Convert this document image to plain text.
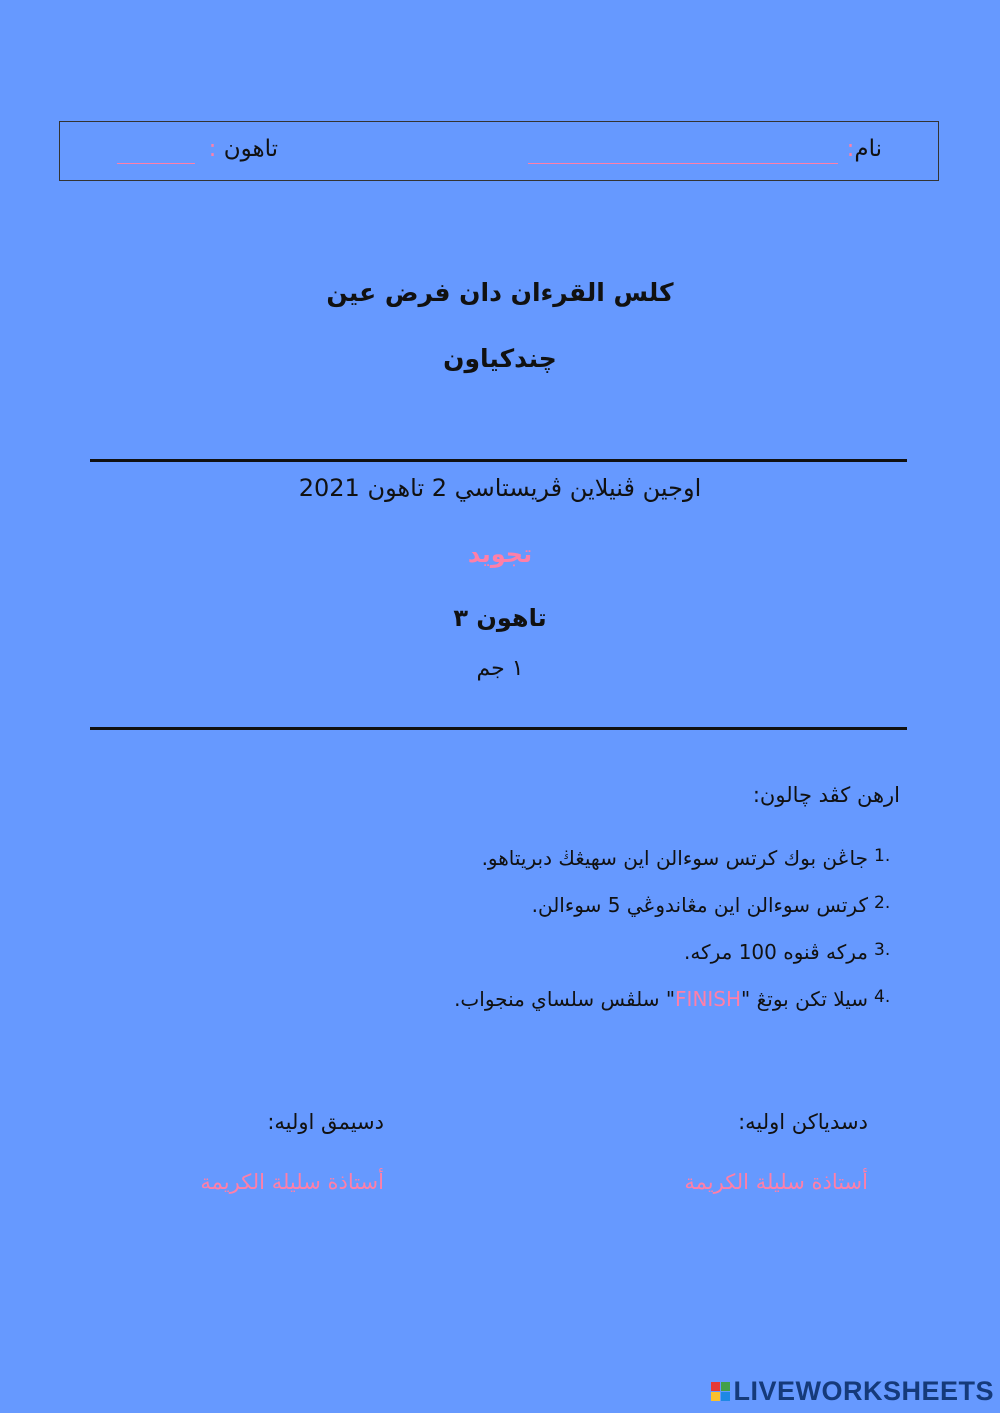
نام:
تاهون :
كلس القرءان دان فرض عين
چندكياون
اوجين ڤنيلاين ڤريستاسي 2 تاهون 2021
تجويد
تاهون ٣
١ جم
ارهن كڤد چالون:
1.
جاڠن بوك كرتس سوءالن اين سهيڠڬ دبريتاهو.
2.
كرتس سوءالن اين مڠاندوڠي 5 سوءالن.
3.
مركه ڤنوه 100 مركه.
4.
سيلا تكن بوتڠ "FINISH" سلڤس سلساي منجواب.
دسدياكن اوليه:
أستاذة سليلة الكريمة
دسيمق اوليه:
أستاذة سليلة الكريمة
LIVEWORKSHEETS
